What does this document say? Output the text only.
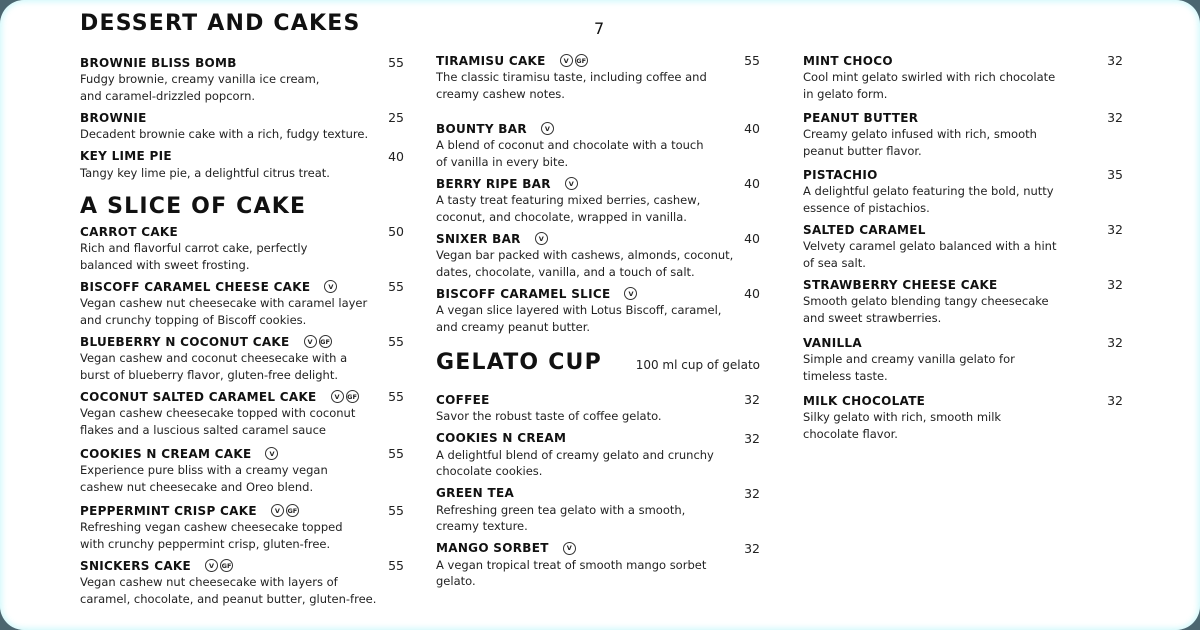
7
DESSERT AND CAKES
BROWNIE BLISS BOMB	55
Fudgy brownie, creamy vanilla ice cream,
and caramel-drizzled popcorn.
BROWNIE	25
Decadent brownie cake with a rich, fudgy texture.
KEY LIME PIE	40
Tangy key lime pie, a delightful citrus treat.
A SLICE OF CAKE
CARROT CAKE	50
Rich and flavorful carrot cake, perfectly
balanced with sweet frosting.
BISCOFF CARAMEL CHEESE CAKE	V	55
Vegan cashew nut cheesecake with caramel layer
and crunchy topping of Biscoff cookies.
BLUEBERRY N COCONUT CAKE	V	GF	55
Vegan cashew and coconut cheesecake with a
burst of blueberry flavor, gluten-free delight.
COCONUT SALTED CARAMEL CAKE	V	GF 55
Vegan cashew cheesecake topped with coconut
flakes and a luscious salted caramel sauce
COOKIES N CREAM CAKE	V	55
Experience pure bliss with a creamy vegan
cashew nut cheesecake and Oreo blend.
PEPPERMINT CRISP CAKE	V	GF	55
Refreshing vegan cashew cheesecake topped
with crunchy peppermint crisp, gluten-free.
SNICKERS CAKE	V	GF	55
Vegan cashew nut cheesecake with layers of
caramel, chocolate, and peanut butter, gluten-free.
TIRAMISU CAKE	V	GF	55
The classic tiramisu taste, including coffee and
creamy cashew notes.
BOUNTY BAR	V	40
A blend of coconut and chocolate with a touch
of vanilla in every bite.
BERRY RIPE BAR	V	40
A tasty treat featuring mixed berries, cashew,
coconut, and chocolate, wrapped in vanilla.
SNIXER BAR	V	40
Vegan bar packed with cashews, almonds, coconut,
dates, chocolate, vanilla, and a touch of salt.
BISCOFF CARAMEL SLICE	V	40
A vegan slice layered with Lotus Biscoff, caramel,
and creamy peanut butter.
GELATO CUP	100 ml cup of gelato
COFFEE	32
Savor the robust taste of coffee gelato.
COOKIES N CREAM	32
A delightful blend of creamy gelato and crunchy
chocolate cookies.
GREEN TEA	32
Refreshing green tea gelato with a smooth,
creamy texture.
MANGO SORBET	V	32
A vegan tropical treat of smooth mango sorbet
gelato.
MINT CHOCO	32
Cool mint gelato swirled with rich chocolate
in gelato form.
PEANUT BUTTER	32
Creamy gelato infused with rich, smooth
peanut butter flavor.
PISTACHIO	35
A delightful gelato featuring the bold, nutty
essence of pistachios.
SALTED CARAMEL	32
Velvety caramel gelato balanced with a hint
of sea salt.
STRAWBERRY CHEESE CAKE	32
Smooth gelato blending tangy cheesecake
and sweet strawberries.
VANILLA	32
Simple and creamy vanilla gelato for
timeless taste.
MILK CHOCOLATE	32
Silky gelato with rich, smooth milk
chocolate flavor.
